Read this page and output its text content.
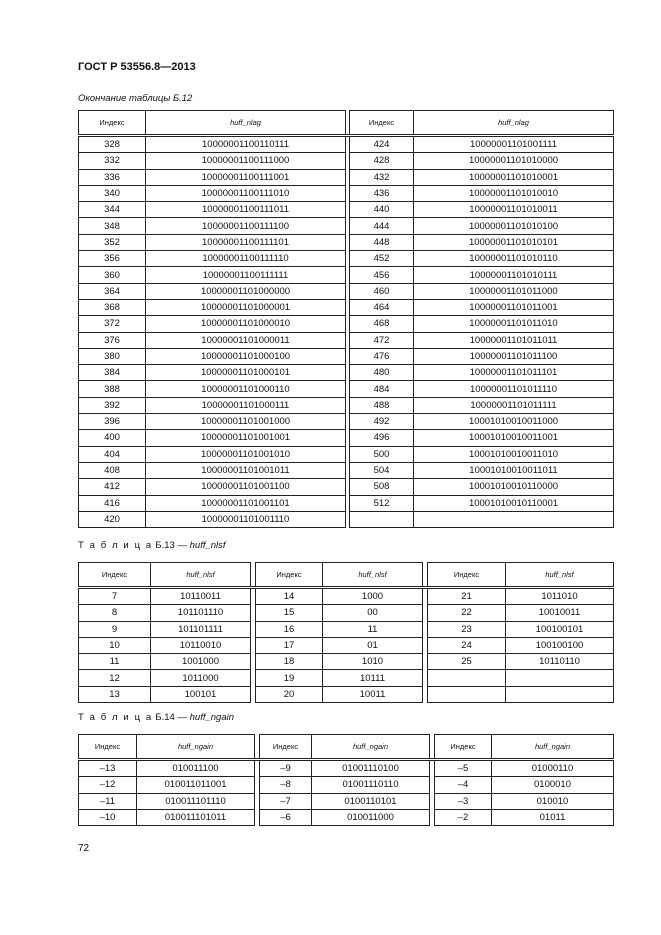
ГОСТ Р 53556.8—2013
Окончание таблицы Б.12
Индекс	huff_nlag		Индекс	huff_nlag
328	10000001100110111		424	10000001101001111
332	10000001100111000		428	10000001101010000
336	10000001100111001		432	10000001101010001
340	10000001100111010		436	10000001101010010
344	10000001100111011		440	10000001101010011
348	10000001100111100		444	10000001101010100
352	10000001100111101		448	10000001101010101
356	10000001100111110		452	10000001101010110
360	10000001100111111		456	10000001101010111
364	10000001101000000		460	10000001101011000
368	10000001101000001		464	10000001101011001
372	10000001101000010		468	10000001101011010
376	10000001101000011		472	10000001101011011
380	10000001101000100		476	10000001101011100
384	10000001101000101		480	10000001101011101
388	10000001101000110		484	10000001101011110
392	10000001101000111		488	10000001101011111
396	10000001101001000		492	10001010010011000
400	10000001101001001		496	10001010010011001
404	10000001101001010		500	10001010010011010
408	10000001101001011		504	10001010010011011
412	10000001101001100		508	10001010010110000
416	10000001101001101		512	10001010010110001
420	10000001101001110			
Т а б л и ц а Б.13 — huff_nlsf
Индекс	huff_nlsf		Индекс	huff_nlsf		Индекс	huff_nlsf
7	10110011		14	1000		21	1011010
8	101101110		15	00		22	10010011
9	101101111		16	11		23	100100101
10	10110010		17	01		24	100100100
11	1001000		18	1010		25	10110110
12	1011000		19	10111			
13	100101		20	10011			
Т а б л и ц а Б.14 — huff_ngain
Индекс	huff_ngain		Индекс	huff_ngain		Индекс	huff_ngain
–13	010011100		–9	01001110100		–5	01000110
–12	010011011001		–8	01001110110		–4	0100010
–11	010011101110		–7	0100110101		–3	010010
–10	010011101011		–6	010011000		–2	01011
72
